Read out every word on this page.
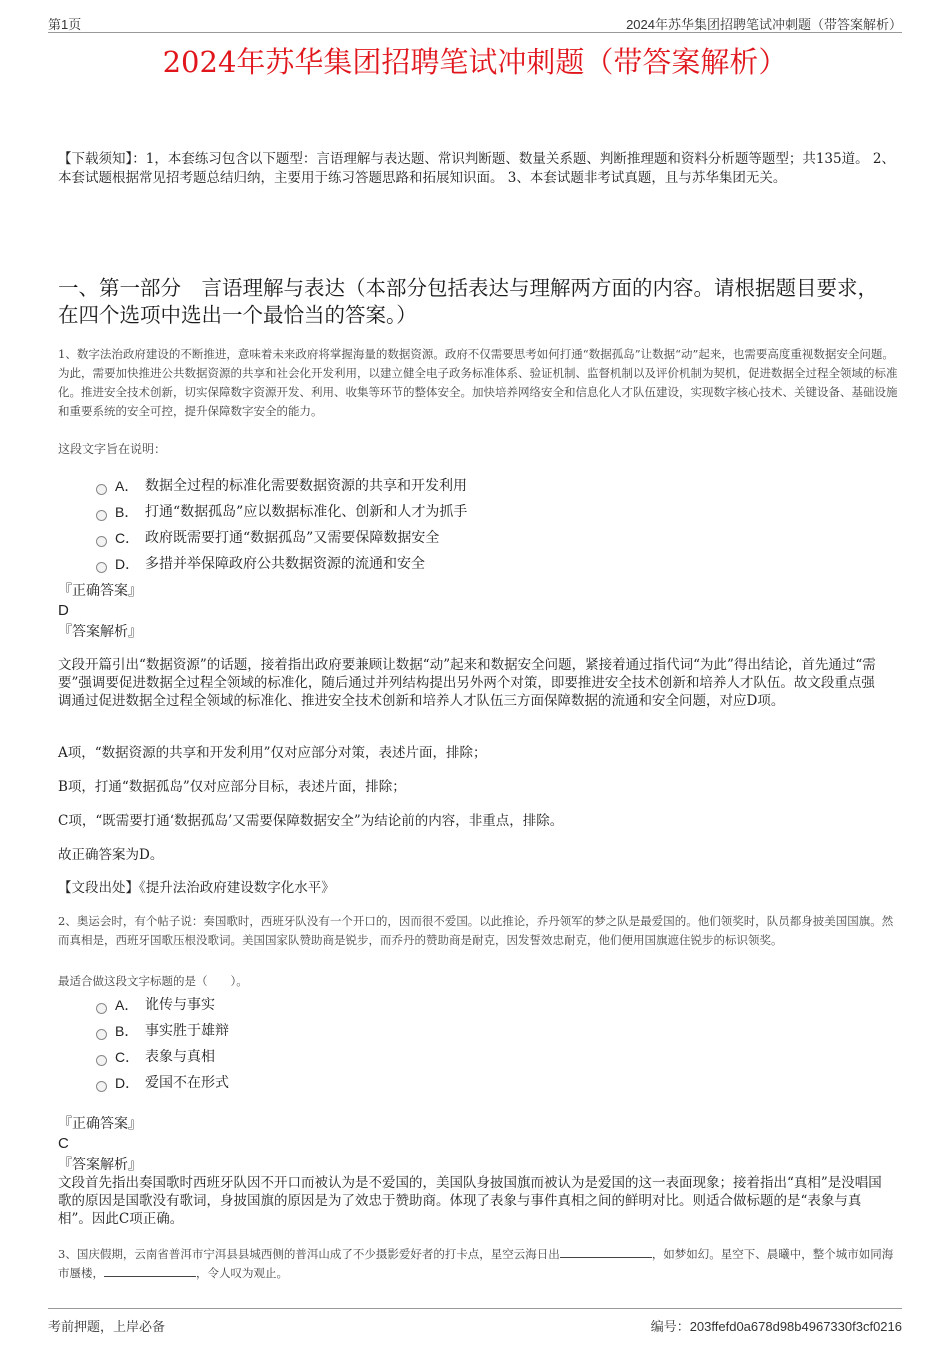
第1页	2024年苏华集团招聘笔试冲刺题（带答案解析）
2024年苏华集团招聘笔试冲刺题（带答案解析）
【下载须知】：1，本套练习包含以下题型：言语理解与表达题、常识判断题、数量关系题、判断推理题和资料分析题等题型；共135道。 2、本套试题根据常见招考题总结归纳，主要用于练习答题思路和拓展知识面。 3、本套试题非考试真题，且与苏华集团无关。
一、第一部分　言语理解与表达（本部分包括表达与理解两方面的内容。请根据题目要求，在四个选项中选出一个最恰当的答案。）
1、数字法治政府建设的不断推进，意味着未来政府将掌握海量的数据资源。政府不仅需要思考如何打通“数据孤岛”让数据“动”起来，也需要高度重视数据安全问题。为此，需要加快推进公共数据资源的共享和社会化开发利用，以建立健全电子政务标准体系、验证机制、监督机制以及评价机制为契机，促进数据全过程全领域的标准化。推进安全技术创新，切实保障数字资源开发、利用、收集等环节的整体安全。加快培养网络安全和信息化人才队伍建设，实现数字核心技术、关键设备、基础设施和重要系统的安全可控，提升保障数字安全的能力。
这段文字旨在说明：
A． 数据全过程的标准化需要数据资源的共享和开发利用
B． 打通“数据孤岛”应以数据标准化、创新和人才为抓手
C． 政府既需要打通“数据孤岛”又需要保障数据安全
D． 多措并举保障政府公共数据资源的流通和安全
『正确答案』
D
『答案解析』
文段开篇引出“数据资源”的话题，接着指出政府要兼顾让数据“动”起来和数据安全问题，紧接着通过指代词“为此”得出结论，首先通过“需要”强调要促进数据全过程全领域的标准化，随后通过并列结构提出另外两个对策，即要推进安全技术创新和培养人才队伍。故文段重点强调通过促进数据全过程全领域的标准化、推进安全技术创新和培养人才队伍三方面保障数据的流通和安全问题，对应D项。
A项，“数据资源的共享和开发利用”仅对应部分对策，表述片面，排除；
B项，打通“数据孤岛”仅对应部分目标，表述片面，排除；
C项，“既需要打通‘数据孤岛’又需要保障数据安全”为结论前的内容，非重点，排除。
故正确答案为D。
【文段出处】《提升法治政府建设数字化水平》
2、奥运会时，有个帖子说：奏国歌时，西班牙队没有一个开口的，因而很不爱国。以此推论，乔丹领军的梦之队是最爱国的。他们领奖时，队员都身披美国国旗。然而真相是，西班牙国歌压根没歌词。美国国家队赞助商是锐步，而乔丹的赞助商是耐克，因发誓效忠耐克，他们便用国旗遮住锐步的标识领奖。
最适合做这段文字标题的是（　　）。
A． 讹传与事实
B． 事实胜于雄辩
C． 表象与真相
D． 爱国不在形式
『正确答案』
C
『答案解析』
文段首先指出奏国歌时西班牙队因不开口而被认为是不爱国的，美国队身披国旗而被认为是爱国的这一表面现象；接着指出“真相”是没唱国歌的原因是国歌没有歌词，身披国旗的原因是为了效忠于赞助商。体现了表象与事件真相之间的鲜明对比。则适合做标题的是“表象与真相”。因此C项正确。
3、国庆假期，云南省普洱市宁洱县县城西侧的普洱山成了不少摄影爱好者的打卡点，星空云海日出	，如梦如幻。星空下、晨曦中，整个城市如同海市蜃楼，	，令人叹为观止。
考前押题，上岸必备	编号：203ffefd0a678d98b4967330f3cf0216
